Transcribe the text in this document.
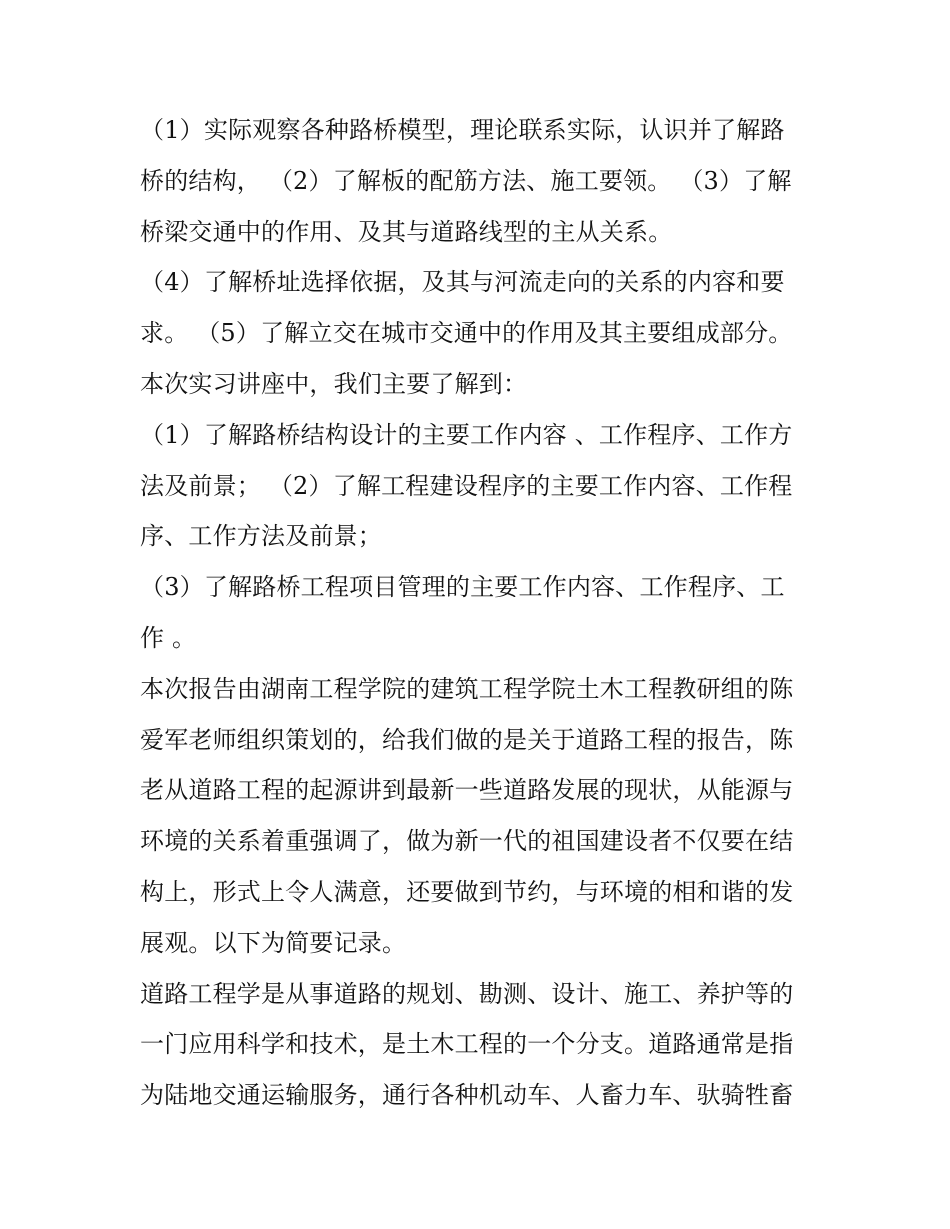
（1）实际观察各种路桥模型，理论联系实际，认识并了解路
桥的结构， （2）了解板的配筋方法、施工要领。 （3）了解
桥梁交通中的作用、及其与道路线型的主从关系。
（4）了解桥址选择依据，及其与河流走向的关系的内容和要
求。 （5）了解立交在城市交通中的作用及其主要组成部分。
本次实习讲座中，我们主要了解到：
（1）了解路桥结构设计的主要工作内容 、工作程序、工作方
法及前景； （2）了解工程建设程序的主要工作内容、工作程
序、工作方法及前景；
（3）了解路桥工程项目管理的主要工作内容、工作程序、工
作 。
本次报告由湖南工程学院的建筑工程学院土木工程教研组的陈
爱军老师组织策划的，给我们做的是关于道路工程的报告，陈
老从道路工程的起源讲到最新一些道路发展的现状，从能源与
环境的关系着重强调了，做为新一代的祖国建设者不仅要在结
构上，形式上令人满意，还要做到节约，与环境的相和谐的发
展观。以下为简要记录。
道路工程学是从事道路的规划、勘测、设计、施工、养护等的
一门应用科学和技术，是土木工程的一个分支。道路通常是指
为陆地交通运输服务，通行各种机动车、人畜力车、驮骑牲畜
